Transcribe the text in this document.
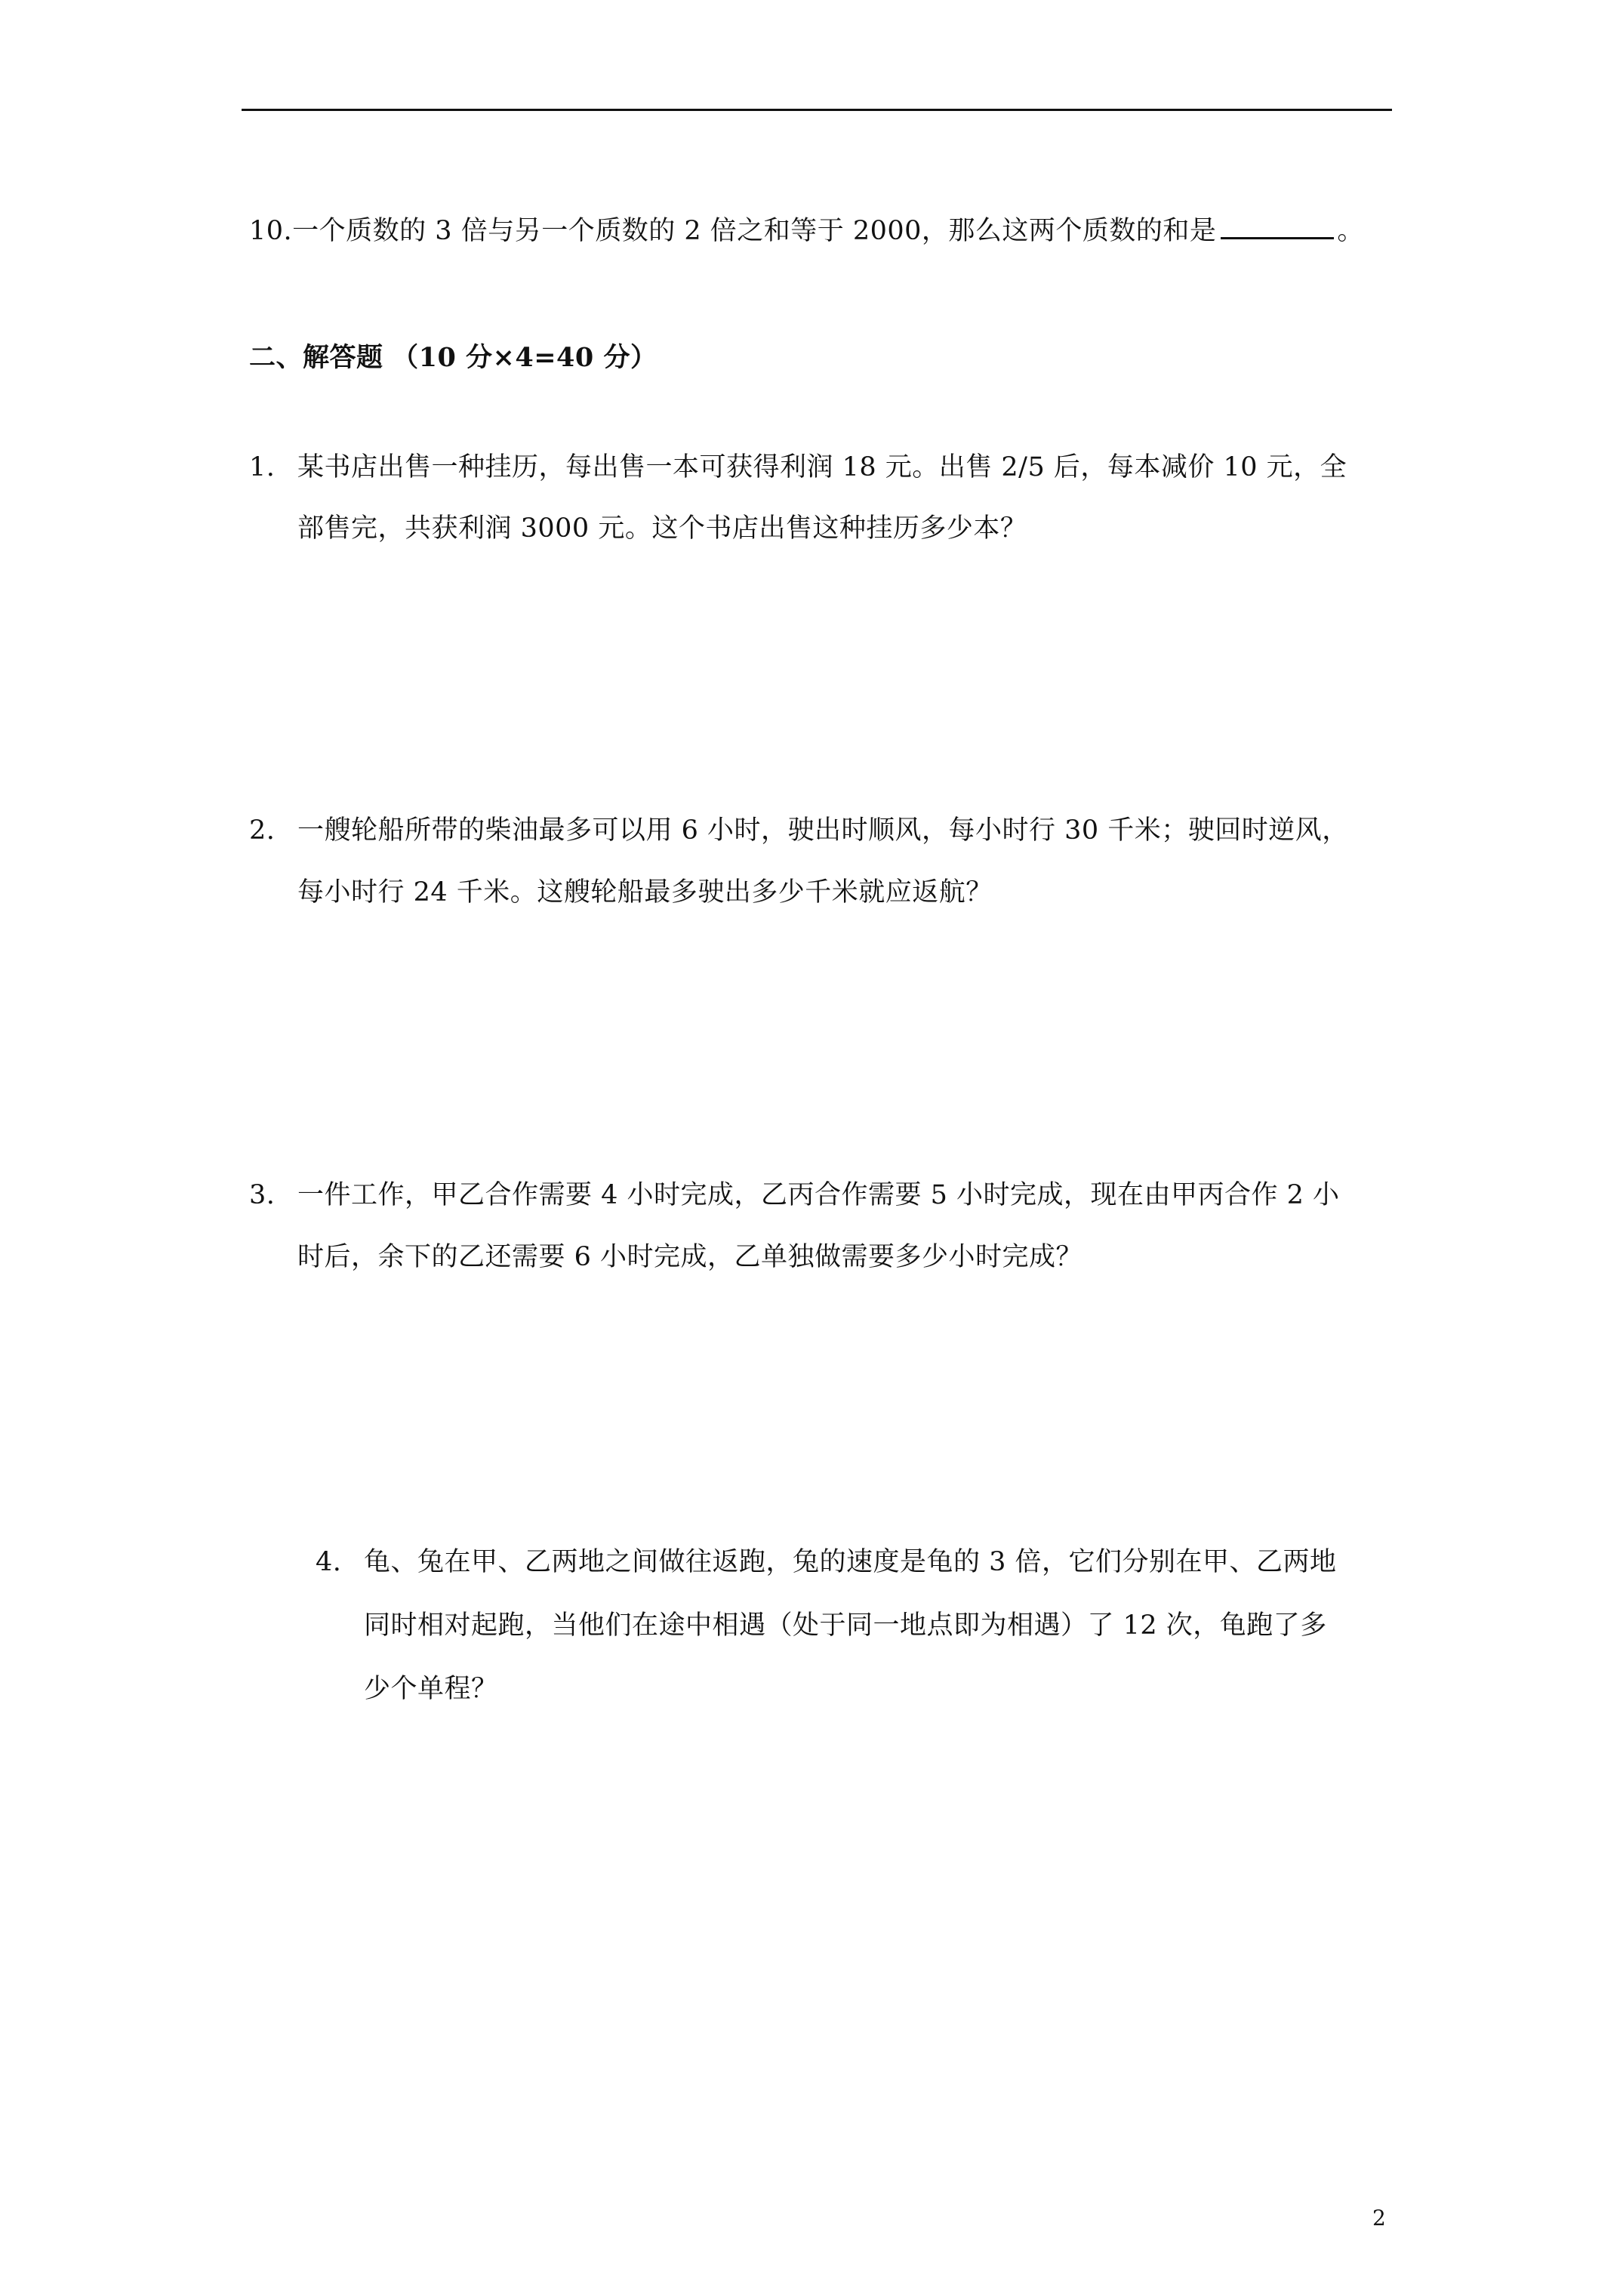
10.一个质数的 3 倍与另一个质数的 2 倍之和等于 2000，那么这两个质数的和是	。
二、解答题 （10 分×4=40 分）
1. 某书店出售一种挂历，每出售一本可获得利润 18 元。出售 2/5 后，每本减价 10 元，全
部售完，共获利润 3000 元。这个书店出售这种挂历多少本？
2. 一艘轮船所带的柴油最多可以用 6 小时，驶出时顺风，每小时行 30 千米；驶回时逆风，
每小时行 24 千米。这艘轮船最多驶出多少千米就应返航？
3. 一件工作，甲乙合作需要 4 小时完成，乙丙合作需要 5 小时完成，现在由甲丙合作 2 小
时后，余下的乙还需要 6 小时完成，乙单独做需要多少小时完成？
4. 龟、兔在甲、乙两地之间做往返跑，兔的速度是龟的 3 倍，它们分别在甲、乙两地
同时相对起跑，当他们在途中相遇（处于同一地点即为相遇）了 12 次，龟跑了多
少个单程？
2
